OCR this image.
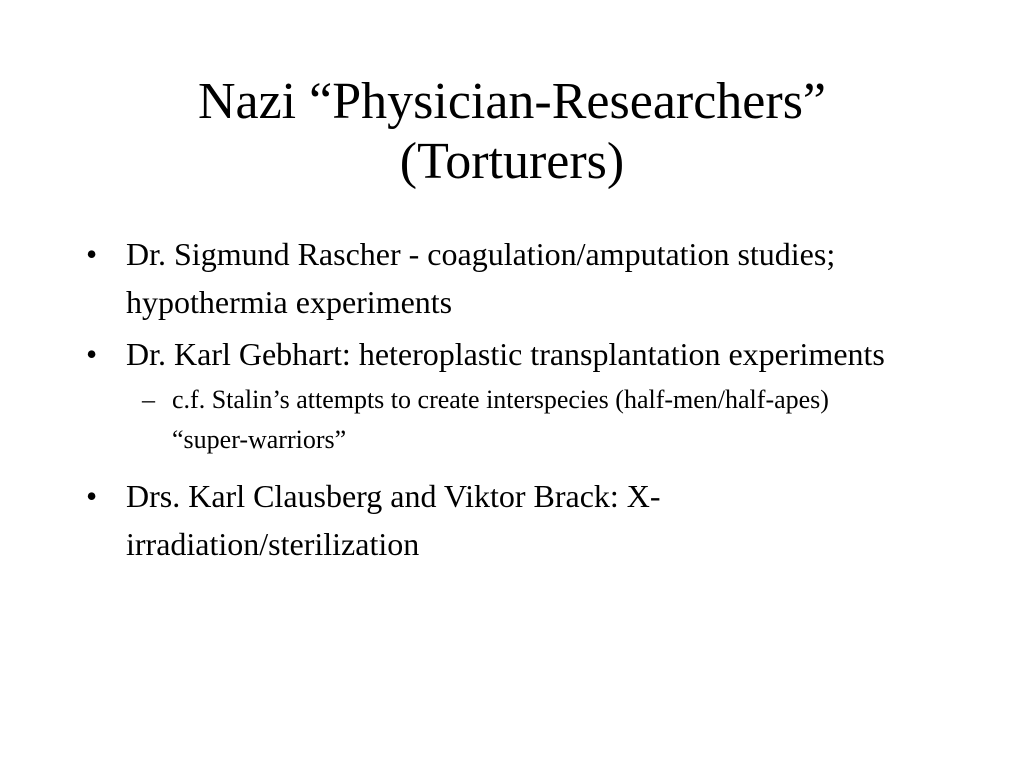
Nazi “Physician-Researchers”
(Torturers)
• Dr. Sigmund Rascher - coagulation/amputation studies; hypothermia experiments
• Dr. Karl Gebhart: heteroplastic transplantation experiments
– c.f. Stalin’s attempts to create interspecies (half-men/half-apes) “super-warriors”
• Drs. Karl Clausberg and Viktor Brack: X-irradiation/sterilization
